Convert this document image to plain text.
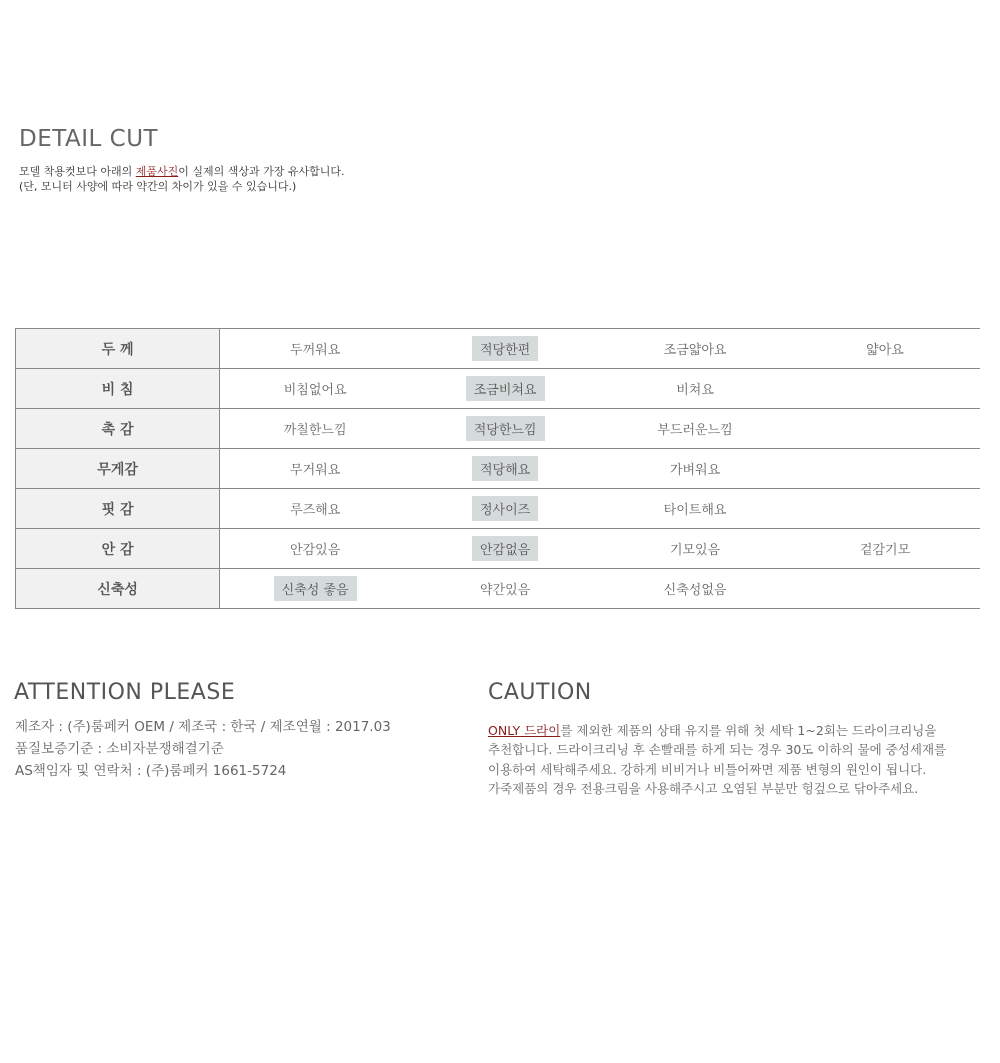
DETAIL CUT
모델 착용컷보다 아래의 제품사진이 실제의 색상과 가장 유사합니다.
(단, 모니터 사양에 따라 약간의 차이가 있을 수 있습니다.)
두 께	두꺼워요	적당한편	조금얇아요	얇아요
비 침	비침없어요	조금비쳐요	비쳐요	
촉 감	까칠한느낌	적당한느낌	부드러운느낌	
무게감	무거워요	적당해요	가벼워요	
핏 감	루즈해요	정사이즈	타이트해요	
안 감	안감있음	안감없음	기모있음	겉감기모
신축성	신축성 좋음	약간있음	신축성없음	
ATTENTION PLEASE
제조자 : (주)룸페커 OEM / 제조국 : 한국 / 제조연월 : 2017.03
품질보증기준 : 소비자분쟁해결기준
AS책임자 및 연락처 : (주)룸페커 1661-5724
CAUTION
ONLY 드라이를 제외한 제품의 상태 유지를 위해 첫 세탁 1~2회는 드라이크리닝을
추천합니다. 드라이크리닝 후 손빨래를 하게 되는 경우 30도 이하의 물에 중성세재를
이용하여 세탁해주세요. 강하게 비비거나 비틀어짜면 제품 변형의 원인이 됩니다.
가죽제품의 경우 전용크림을 사용해주시고 오염된 부분만 헝겊으로 닦아주세요.
